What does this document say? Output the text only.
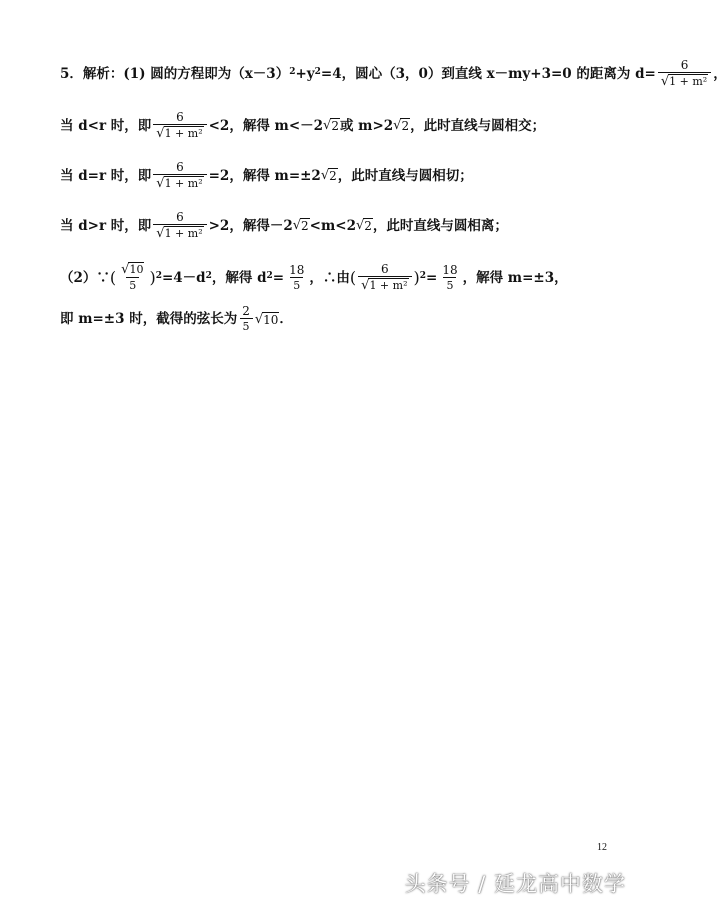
5．解析：(1) 圆的方程即为$(x-3)^2 +y^2 =4$，圆心（3，0）到直线 x－my+3=0 的距离为 $d= \frac{6}{\text{√ 1 + m²}}$ ，
当 d<r 时，即 $\frac{6}{\text{√ 1 + m²}} <2$，解得 m<－2 √ 2 或 m>2 √ 2 ，此时直线与圆相交；
当 d=r 时，即 $\frac{6}{\text{√ 1 + m²}} =2$，解得 m=±2 √ 2 ，此时直线与圆相切；
当 d>r 时，即 $\frac{6}{\text{√ 1 + m²}} >2$，解得－2 √ 2 <m<2 √ 2 ，此时直线与圆相离；
（2）∵ ( $\frac{√ 10}{5} )^2 =4-d^2$ ，解得 $d^2 = \frac{18}{5}$ ，∴由 ( $\frac{6}{\text{√ 1 + m²}} )^2 = \frac{18}{5}$ ，解得 m=±3，
即 m=±3 时，截得的弦长为 $\frac{2}{5}$ √ 10 ．
12
头条号 / 延龙高中数学
